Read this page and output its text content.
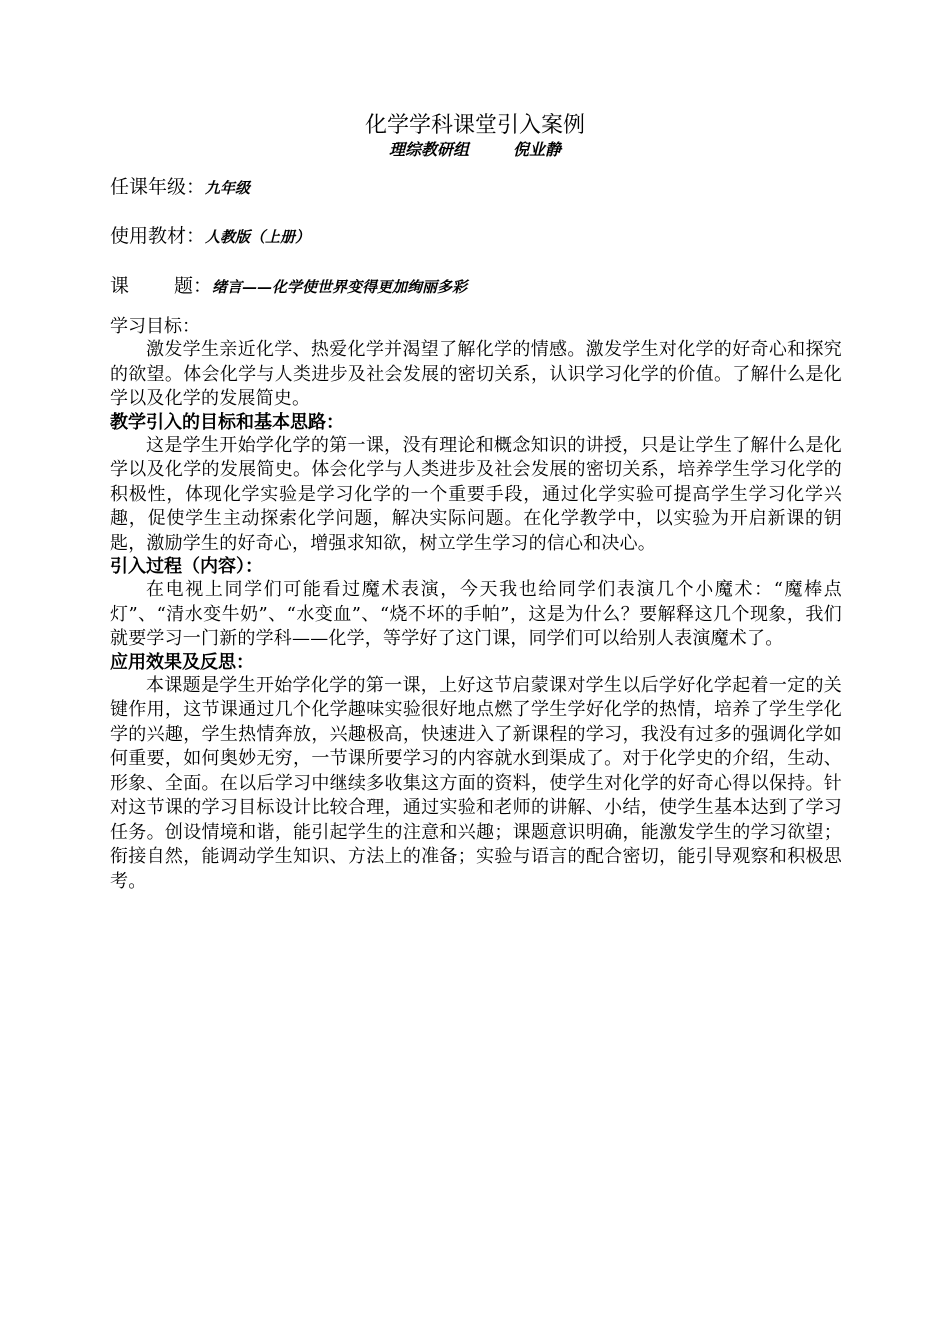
化学学科课堂引入案例
理综教研组	倪业静
任课年级：九年级
使用教材：人教版（上册）
课 题：绪言——化学使世界变得更加绚丽多彩
学习目标：

激发学生亲近化学、热爱化学并渴望了解化学的情感。激发学生对化学的好奇心和探究的欲望。体会化学与人类进步及社会发展的密切关系，认识学习化学的价值。了解什么是化学以及化学的发展简史。

教学引入的目标和基本思路：

这是学生开始学化学的第一课，没有理论和概念知识的讲授，只是让学生了解什么是化学以及化学的发展简史。体会化学与人类进步及社会发展的密切关系，培养学生学习化学的积极性，体现化学实验是学习化学的一个重要手段，通过化学实验可提高学生学习化学兴趣，促使学生主动探索化学问题，解决实际问题。在化学教学中，以实验为开启新课的钥匙，激励学生的好奇心，增强求知欲，树立学生学习的信心和决心。

引入过程（内容）：

在电视上同学们可能看过魔术表演，今天我也给同学们表演几个小魔术：“魔棒点灯”、“清水变牛奶”、“水变血”、“烧不坏的手帕”，这是为什么？要解释这几个现象，我们就要学习一门新的学科——化学，等学好了这门课，同学们可以给别人表演魔术了。

应用效果及反思：

本课题是学生开始学化学的第一课，上好这节启蒙课对学生以后学好化学起着一定的关键作用，这节课通过几个化学趣味实验很好地点燃了学生学好化学的热情，培养了学生学化学的兴趣，学生热情奔放，兴趣极高，快速进入了新课程的学习，我没有过多的强调化学如何重要，如何奥妙无穷，一节课所要学习的内容就水到渠成了。对于化学史的介绍，生动、形象、全面。在以后学习中继续多收集这方面的资料，使学生对化学的好奇心得以保持。针对这节课的学习目标设计比较合理，通过实验和老师的讲解、小结，使学生基本达到了学习任务。创设情境和谐，能引起学生的注意和兴趣；课题意识明确，能激发学生的学习欲望；衔接自然，能调动学生知识、方法上的准备；实验与语言的配合密切，能引导观察和积极思考。
